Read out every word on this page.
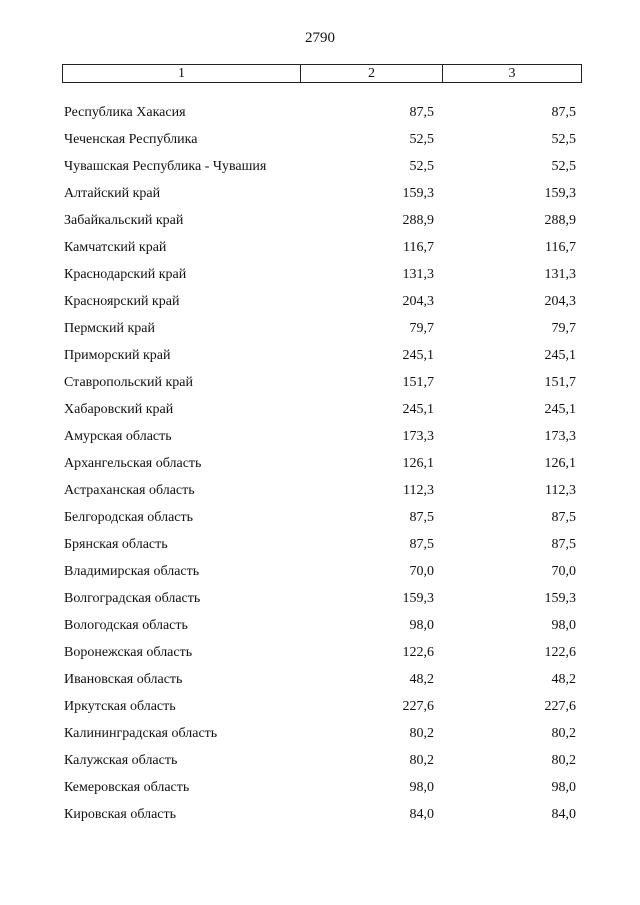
2790
1	2	3
Республика Хакасия	87,5	87,5
Чеченская Республика	52,5	52,5
Чувашская Республика - Чувашия	52,5	52,5
Алтайский край	159,3	159,3
Забайкальский край	288,9	288,9
Камчатский край	116,7	116,7
Краснодарский край	131,3	131,3
Красноярский край	204,3	204,3
Пермский край	79,7	79,7
Приморский край	245,1	245,1
Ставропольский край	151,7	151,7
Хабаровский край	245,1	245,1
Амурская область	173,3	173,3
Архангельская область	126,1	126,1
Астраханская область	112,3	112,3
Белгородская область	87,5	87,5
Брянская область	87,5	87,5
Владимирская область	70,0	70,0
Волгоградская область	159,3	159,3
Вологодская область	98,0	98,0
Воронежская область	122,6	122,6
Ивановская область	48,2	48,2
Иркутская область	227,6	227,6
Калининградская область	80,2	80,2
Калужская область	80,2	80,2
Кемеровская область	98,0	98,0
Кировская область	84,0	84,0
